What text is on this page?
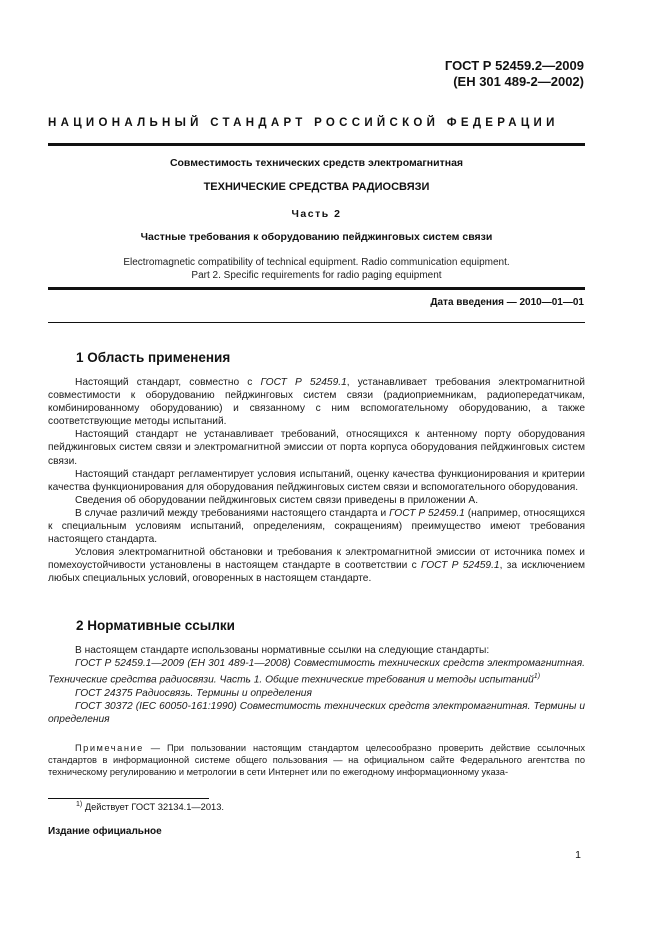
ГОСТ Р 52459.2—2009
(ЕН 301 489-2—2002)
НАЦИОНАЛЬНЫЙ СТАНДАРТ РОССИЙСКОЙ ФЕДЕРАЦИИ
Совместимость технических средств электромагнитная
ТЕХНИЧЕСКИЕ СРЕДСТВА РАДИОСВЯЗИ
Часть 2
Частные требования к оборудованию пейджинговых систем связи
Electromagnetic compatibility of technical equipment. Radio communication equipment.
Part 2. Specific requirements for radio paging equipment
Дата введения — 2010—01—01
1 Область применения

Настоящий стандарт, совместно с ГОСТ Р 52459.1, устанавливает требования электромагнитной совместимости к оборудованию пейджинговых систем связи (радиоприемникам, радиопередатчикам, комбинированному оборудованию) и связанному с ним вспомогательному оборудованию, а также соответствующие методы испытаний.

Настоящий стандарт не устанавливает требований, относящихся к антенному порту оборудования пейджинговых систем связи и электромагнитной эмиссии от порта корпуса оборудования пейджинговых систем связи.

Настоящий стандарт регламентирует условия испытаний, оценку качества функционирования и критерии качества функционирования для оборудования пейджинговых систем связи и вспомогательного оборудования.

Сведения об оборудовании пейджинговых систем связи приведены в приложении А.

В случае различий между требованиями настоящего стандарта и ГОСТ Р 52459.1 (например, относящихся к специальным условиям испытаний, определениям, сокращениям) преимущество имеют требования настоящего стандарта.

Условия электромагнитной обстановки и требования к электромагнитной эмиссии от источника помех и помехоустойчивости установлены в настоящем стандарте в соответствии с ГОСТ Р 52459.1, за исключением любых специальных условий, оговоренных в настоящем стандарте.

2 Нормативные ссылки

В настоящем стандарте использованы нормативные ссылки на следующие стандарты:

ГОСТ Р 52459.1—2009 (ЕН 301 489-1—2008) Совместимость технических средств электромагнитная. Технические средства радиосвязи. Часть 1. Общие технические требования и методы испытаний$^{1)}$

ГОСТ 24375 Радиосвязь. Термины и определения

ГОСТ 30372 (IEC 60050-161:1990) Совместимость технических средств электромагнитная. Термины и определения

Примечание — При пользовании настоящим стандартом целесообразно проверить действие ссылочных стандартов в информационной системе общего пользования — на официальном сайте Федерального агентства по техническому регулированию и метрологии в сети Интернет или по ежегодному информационному указа-
$^{1)}$ Действует ГОСТ 32134.1—2013.
Издание официальное
1
